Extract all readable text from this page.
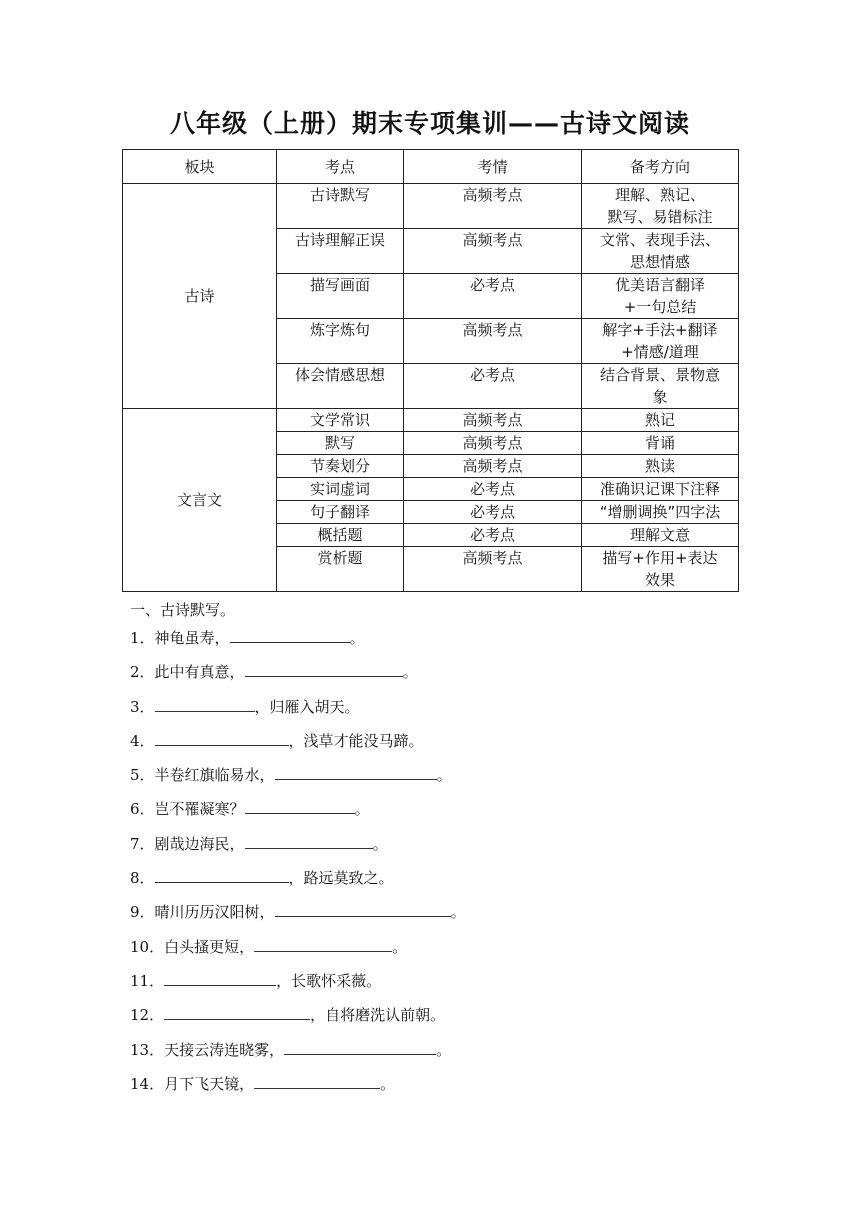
八年级（上册）期末专项集训——古诗文阅读
板块	考点	考情	备考方向
古诗	古诗默写	高频考点	理解、熟记、
默写、易错标注
	古诗理解正误	高频考点	文常、表现手法、
思想情感
	描写画面	必考点	优美语言翻译
+一句总结
	炼字炼句	高频考点	解字+手法+翻译
+情感/道理
	体会情感思想	必考点	结合背景、景物意
象
文言文	文学常识	高频考点	熟记
	默写	高频考点	背诵
	节奏划分	高频考点	熟读
	实词虚词	必考点	准确识记课下注释
	句子翻译	必考点	“增删调换”四字法
	概括题	必考点	理解文意
	赏析题	高频考点	描写+作用+表达
效果
一、古诗默写。
1．神龟虽寿，	。
2．此中有真意，	。
3．	，归雁入胡天。
4．	，浅草才能没马蹄。
5．半卷红旗临易水，	。
6．岂不罹凝寒？	。
7．剧哉边海民，	。
8．	，路远莫致之。
9．晴川历历汉阳树，	。
10．白头搔更短，	。
11．	，长歌怀采薇。
12．	，自将磨洗认前朝。
13．天接云涛连晓雾，	。
14．月下飞天镜，	。
